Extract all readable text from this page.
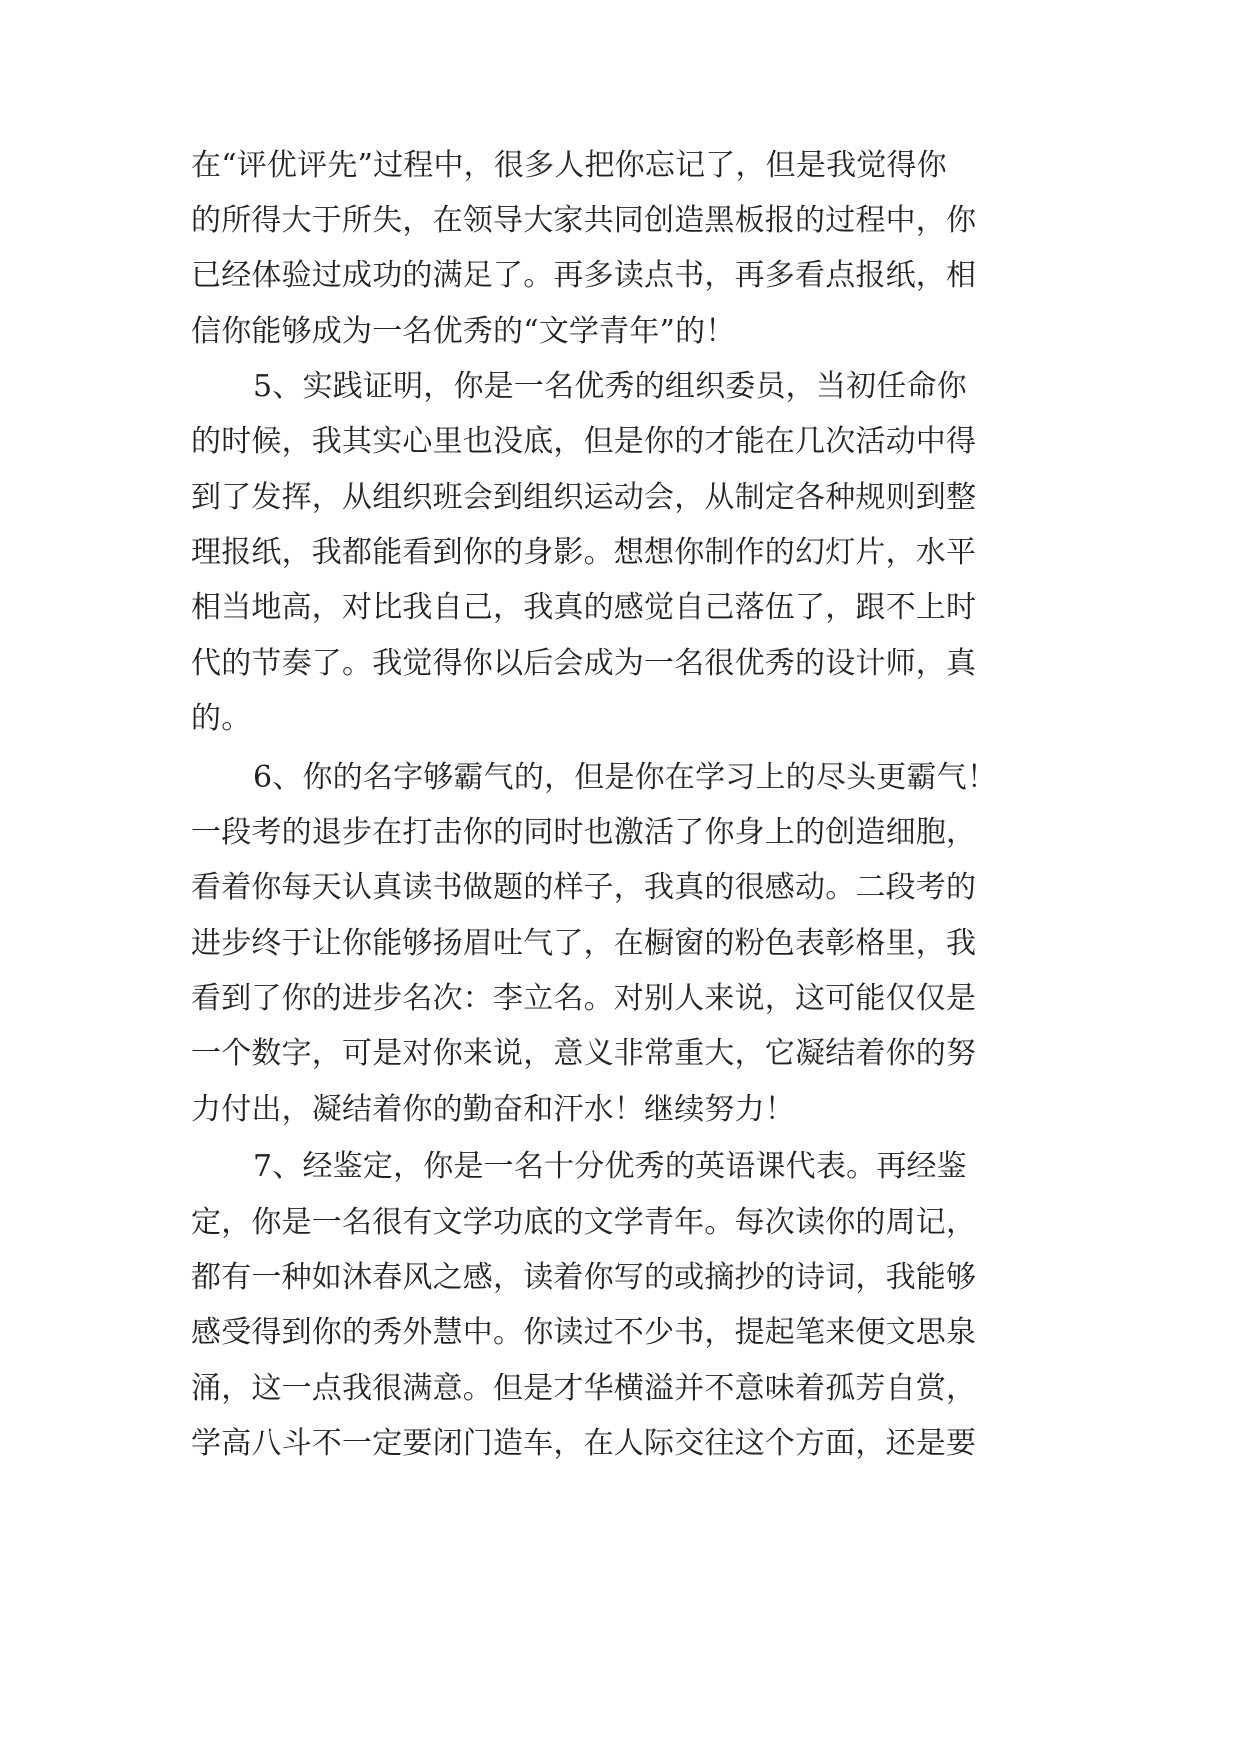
在“评优评先”过程中，很多人把你忘记了，但是我觉得你
的所得大于所失，在领导大家共同创造黑板报的过程中，你
已经体验过成功的满足了。再多读点书，再多看点报纸，相
信你能够成为一名优秀的“文学青年”的！
5、实践证明，你是一名优秀的组织委员，当初任命你
的时候，我其实心里也没底，但是你的才能在几次活动中得
到了发挥，从组织班会到组织运动会，从制定各种规则到整
理报纸，我都能看到你的身影。想想你制作的幻灯片，水平
相当地高，对比我自己，我真的感觉自己落伍了，跟不上时
代的节奏了。我觉得你以后会成为一名很优秀的设计师，真
的。
6、你的名字够霸气的，但是你在学习上的尽头更霸气！
一段考的退步在打击你的同时也激活了你身上的创造细胞，
看着你每天认真读书做题的样子，我真的很感动。二段考的
进步终于让你能够扬眉吐气了，在橱窗的粉色表彰格里，我
看到了你的进步名次：李立名。对别人来说，这可能仅仅是
一个数字，可是对你来说，意义非常重大，它凝结着你的努
力付出，凝结着你的勤奋和汗水！继续努力！
7、经鉴定，你是一名十分优秀的英语课代表。再经鉴
定，你是一名很有文学功底的文学青年。每次读你的周记，
都有一种如沐春风之感，读着你写的或摘抄的诗词，我能够
感受得到你的秀外慧中。你读过不少书，提起笔来便文思泉
涌，这一点我很满意。但是才华横溢并不意味着孤芳自赏，
学高八斗不一定要闭门造车，在人际交往这个方面，还是要
